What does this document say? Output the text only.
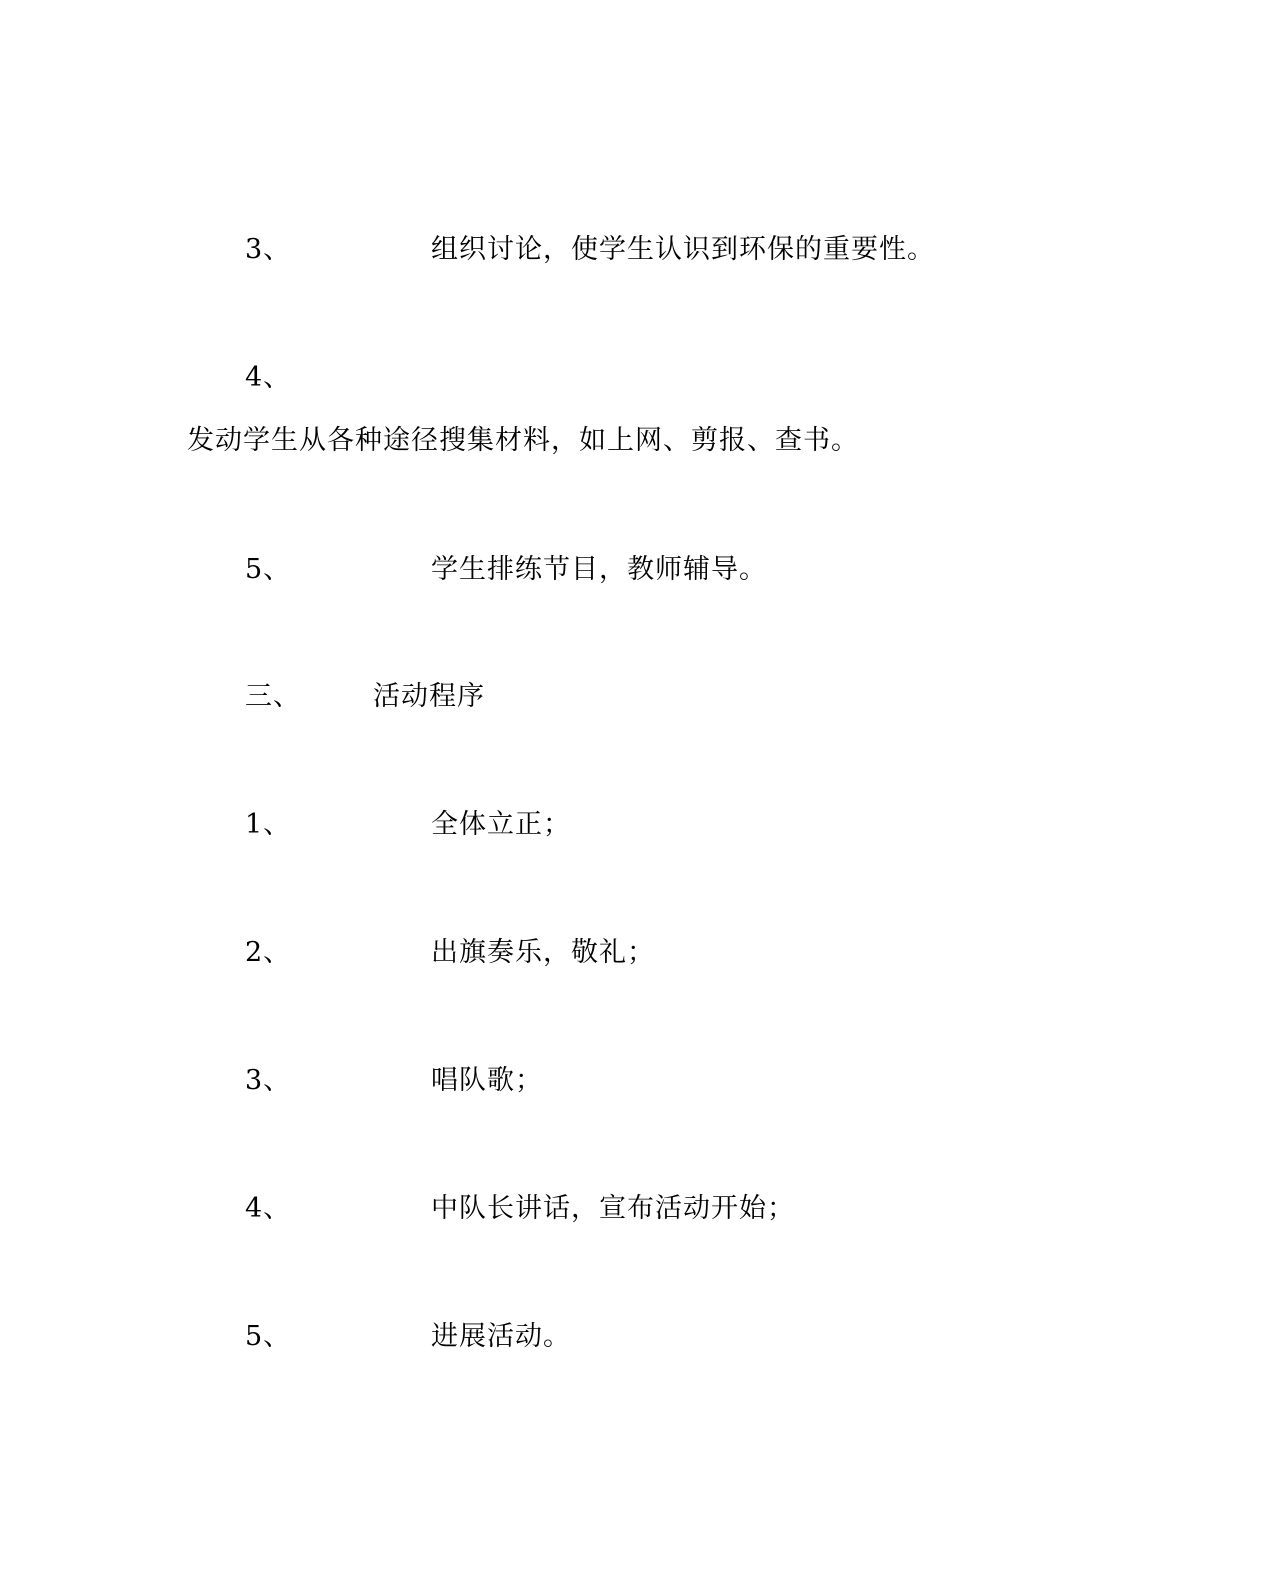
3、	组织讨论，使学生认识到环保的重要性。
4、
发动学生从各种途径搜集材料，如上网、剪报、查书。
5、	学生排练节目，教师辅导。
三、	活动程序
1、	全体立正；
2、	出旗奏乐，敬礼；
3、	唱队歌；
4、	中队长讲话，宣布活动开始；
5、	进展活动。
